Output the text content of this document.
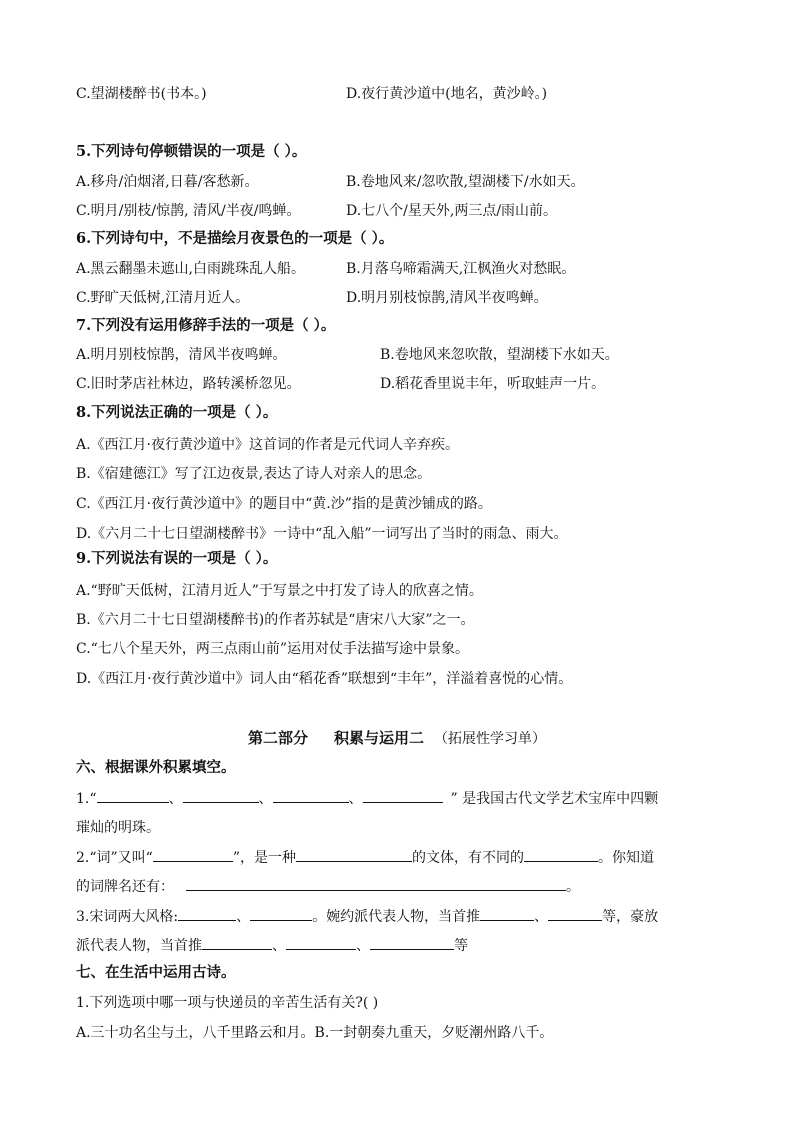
C.望湖楼醉书(书本。)	D.夜行黄沙道中(地名，黄沙岭。)
5.下列诗句停顿错误的一项是（ ）。
A.移舟/泊烟渚,日暮/客愁新。	B.卷地风来/忽吹散,望湖楼下/水如天。
C.明月/别枝/惊鹊, 清风/半夜/鸣蝉。	D.七八个/星天外,两三点/雨山前。
6.下列诗句中，不是描绘月夜景色的一项是（ ）。
A.黑云翻墨未遮山,白雨跳珠乱人船。	B.月落乌啼霜满天,江枫渔火对愁眠。
C.野旷天低树,江清月近人。	D.明月别枝惊鹊,清风半夜鸣蝉。
7.下列没有运用修辞手法的一项是（ ）。
A.明月别枝惊鹊，清风半夜鸣蝉。	B.卷地风来忽吹散，望湖楼下水如天。
C.旧时茅店社林边，路转溪桥忽见。	D.稻花香里说丰年，听取蛙声一片。
8.下列说法正确的一项是（ ）。
A.《西江月·夜行黄沙道中》这首词的作者是元代词人辛弃疾。
B.《宿建德江》写了江边夜景,表达了诗人对亲人的思念。
C.《西江月·夜行黄沙道中》的题目中“黄.沙”指的是黄沙铺成的路。
D.《六月二十七日望湖楼醉书》一诗中“乱入船”一词写出了当时的雨急、雨大。
9.下列说法有误的一项是（ ）。
A.“野旷天低树，江清月近人”于写景之中打发了诗人的欣喜之情。
B.《六月二十七日望湖楼醉书)的作者苏轼是“唐宋八大家”之一。
C.“七八个星天外，两三点雨山前”运用对仗手法描写途中景象。
D.《西江月·夜行黄沙道中》词人由“稻花香”联想到“丰年”，洋溢着喜悦的心情。
第二部分 积累与运用二 （拓展性学习单）
六、根据课外积累填空。
1.“	、	、	、	” 是我国古代文学艺术宝库中四颗
璀灿的明珠。
2.“词”又叫“	”，是一种	的文体，有不同的	。你知道
的词牌名还有：	。
3.宋词两大风格:	、	。婉约派代表人物，当首推	、	等，豪放
派代表人物，当首推	、	、	等
七、在生活中运用古诗。
1.下列选项中哪一项与快递员的辛苦生活有关?( )
A.三十功名尘与土，八千里路云和月。B.一封朝奏九重天，夕贬潮州路八千。
